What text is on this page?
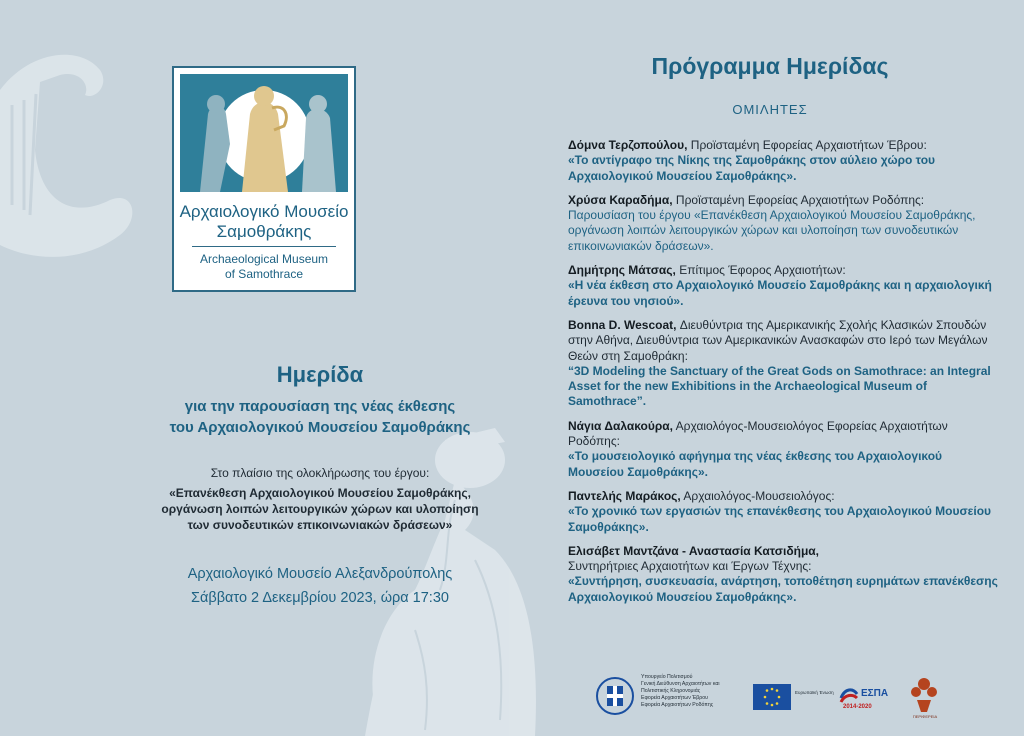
Αρχαιολογικό Μουσείο
Σαμοθράκης
Archaeological Museum
of Samothrace
Ημερίδα
για την παρουσίαση της νέας έκθεσης
του Αρχαιολογικού Μουσείου Σαμοθράκης
Στο πλαίσιο της ολοκλήρωσης του έργου:
«Επανέκθεση Αρχαιολογικού Μουσείου Σαμοθράκης,
οργάνωση λοιπών λειτουργικών χώρων και υλοποίηση
των συνοδευτικών επικοινωνιακών δράσεων»
Αρχαιολογικό Μουσείο Αλεξανδρούπολης
Σάββατο 2 Δεκεμβρίου 2023, ώρα 17:30
Πρόγραμμα Ημερίδας
ΟΜΙΛΗΤΕΣ
Δόμνα Τερζοπούλου, Προϊσταμένη Εφορείας Αρχαιοτήτων Έβρου:
«Το αντίγραφο της Νίκης της Σαμοθράκης στον αύλειο χώρο του Αρχαιολογικού Μουσείου Σαμοθράκης».
Χρύσα Καραδήμα, Προϊσταμένη Εφορείας Αρχαιοτήτων Ροδόπης:
Παρουσίαση του έργου «Επανέκθεση Αρχαιολογικού Μουσείου Σαμοθράκης, οργάνωση λοιπών λειτουργικών χώρων και υλοποίηση των συνοδευτικών επικοινωνιακών δράσεων».
Δημήτρης Μάτσας, Επίτιμος Έφορος Αρχαιοτήτων:
«Η νέα έκθεση στο Αρχαιολογικό Μουσείο Σαμοθράκης και η αρχαιολογική έρευνα του νησιού».
Bonna D. Wescoat, Διευθύντρια της Αμερικανικής Σχολής Κλασικών Σπουδών στην Αθήνα, Διευθύντρια των Αμερικανικών Ανασκαφών στο Ιερό των Μεγάλων Θεών στη Σαμοθράκη:
“3D Modeling the Sanctuary of the Great Gods on Samothrace: an Integral Asset for the new Exhibitions in the Archaeological Museum of Samothrace”.
Νάγια Δαλακούρα, Αρχαιολόγος-Μουσειολόγος Εφορείας Αρχαιοτήτων Ροδόπης:
«Το μουσειολογικό αφήγημα της νέας έκθεσης του Αρχαιολογικού Μουσείου Σαμοθράκης».
Παντελής Μαράκος, Αρχαιολόγος-Μουσειολόγος:
«Το χρονικό των εργασιών της επανέκθεσης του Αρχαιολογικού Μουσείου Σαμοθράκης».
Ελισάβετ Μαντζάνα - Αναστασία Κατσιδήμα,
Συντηρήτριες Αρχαιοτήτων και Έργων Τέχνης:
«Συντήρηση, συσκευασία, ανάρτηση, τοποθέτηση ευρημάτων επανέκθεσης Αρχαιολογικού Μουσείου Σαμοθράκης».
Υπουργείο Πολιτισμού
Γενική Διεύθυνση Αρχαιοτήτων και
Πολιτιστικής Κληρονομιάς
Εφορεία Αρχαιοτήτων Έβρου
Εφορεία Αρχαιοτήτων Ροδόπης
Ευρωπαϊκή Ένωση	ΕΣΠΑ
2014-2020
ΠΕΡΙΦΕΡΕΙΑ
